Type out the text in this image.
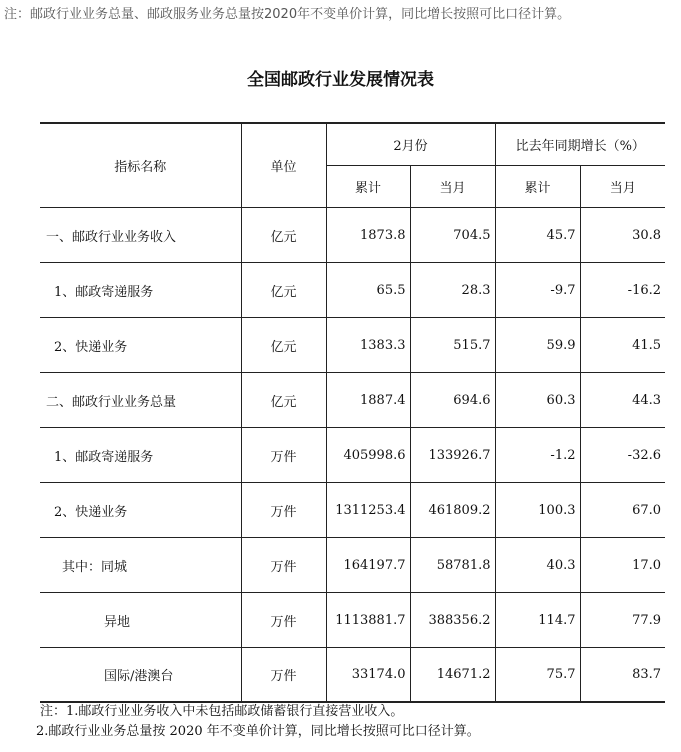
注：邮政行业业务总量、邮政服务业务总量按2020年不变单价计算，同比增长按照可比口径计算。
全国邮政行业发展情况表
指标名称	单位	2月份		比去年同期增长（%）	
		累计	当月	累计	当月
一、邮政行业业务收入	亿元	1873.8	704.5	45.7	30.8
1、邮政寄递服务	亿元	65.5	28.3	-9.7	-16.2
2、快递业务	亿元	1383.3	515.7	59.9	41.5
二、邮政行业业务总量	亿元	1887.4	694.6	60.3	44.3
1、邮政寄递服务	万件	405998.6	133926.7	-1.2	-32.6
2、快递业务	万件	1311253.4	461809.2	100.3	67.0
其中：同城	万件	164197.7	58781.8	40.3	17.0
异地	万件	1113881.7	388356.2	114.7	77.9
国际/港澳台	万件	33174.0	14671.2	75.7	83.7
注：1.邮政行业业务收入中未包括邮政储蓄银行直接营业收入。
2.邮政行业业务总量按 2020 年不变单价计算，同比增长按照可比口径计算。
